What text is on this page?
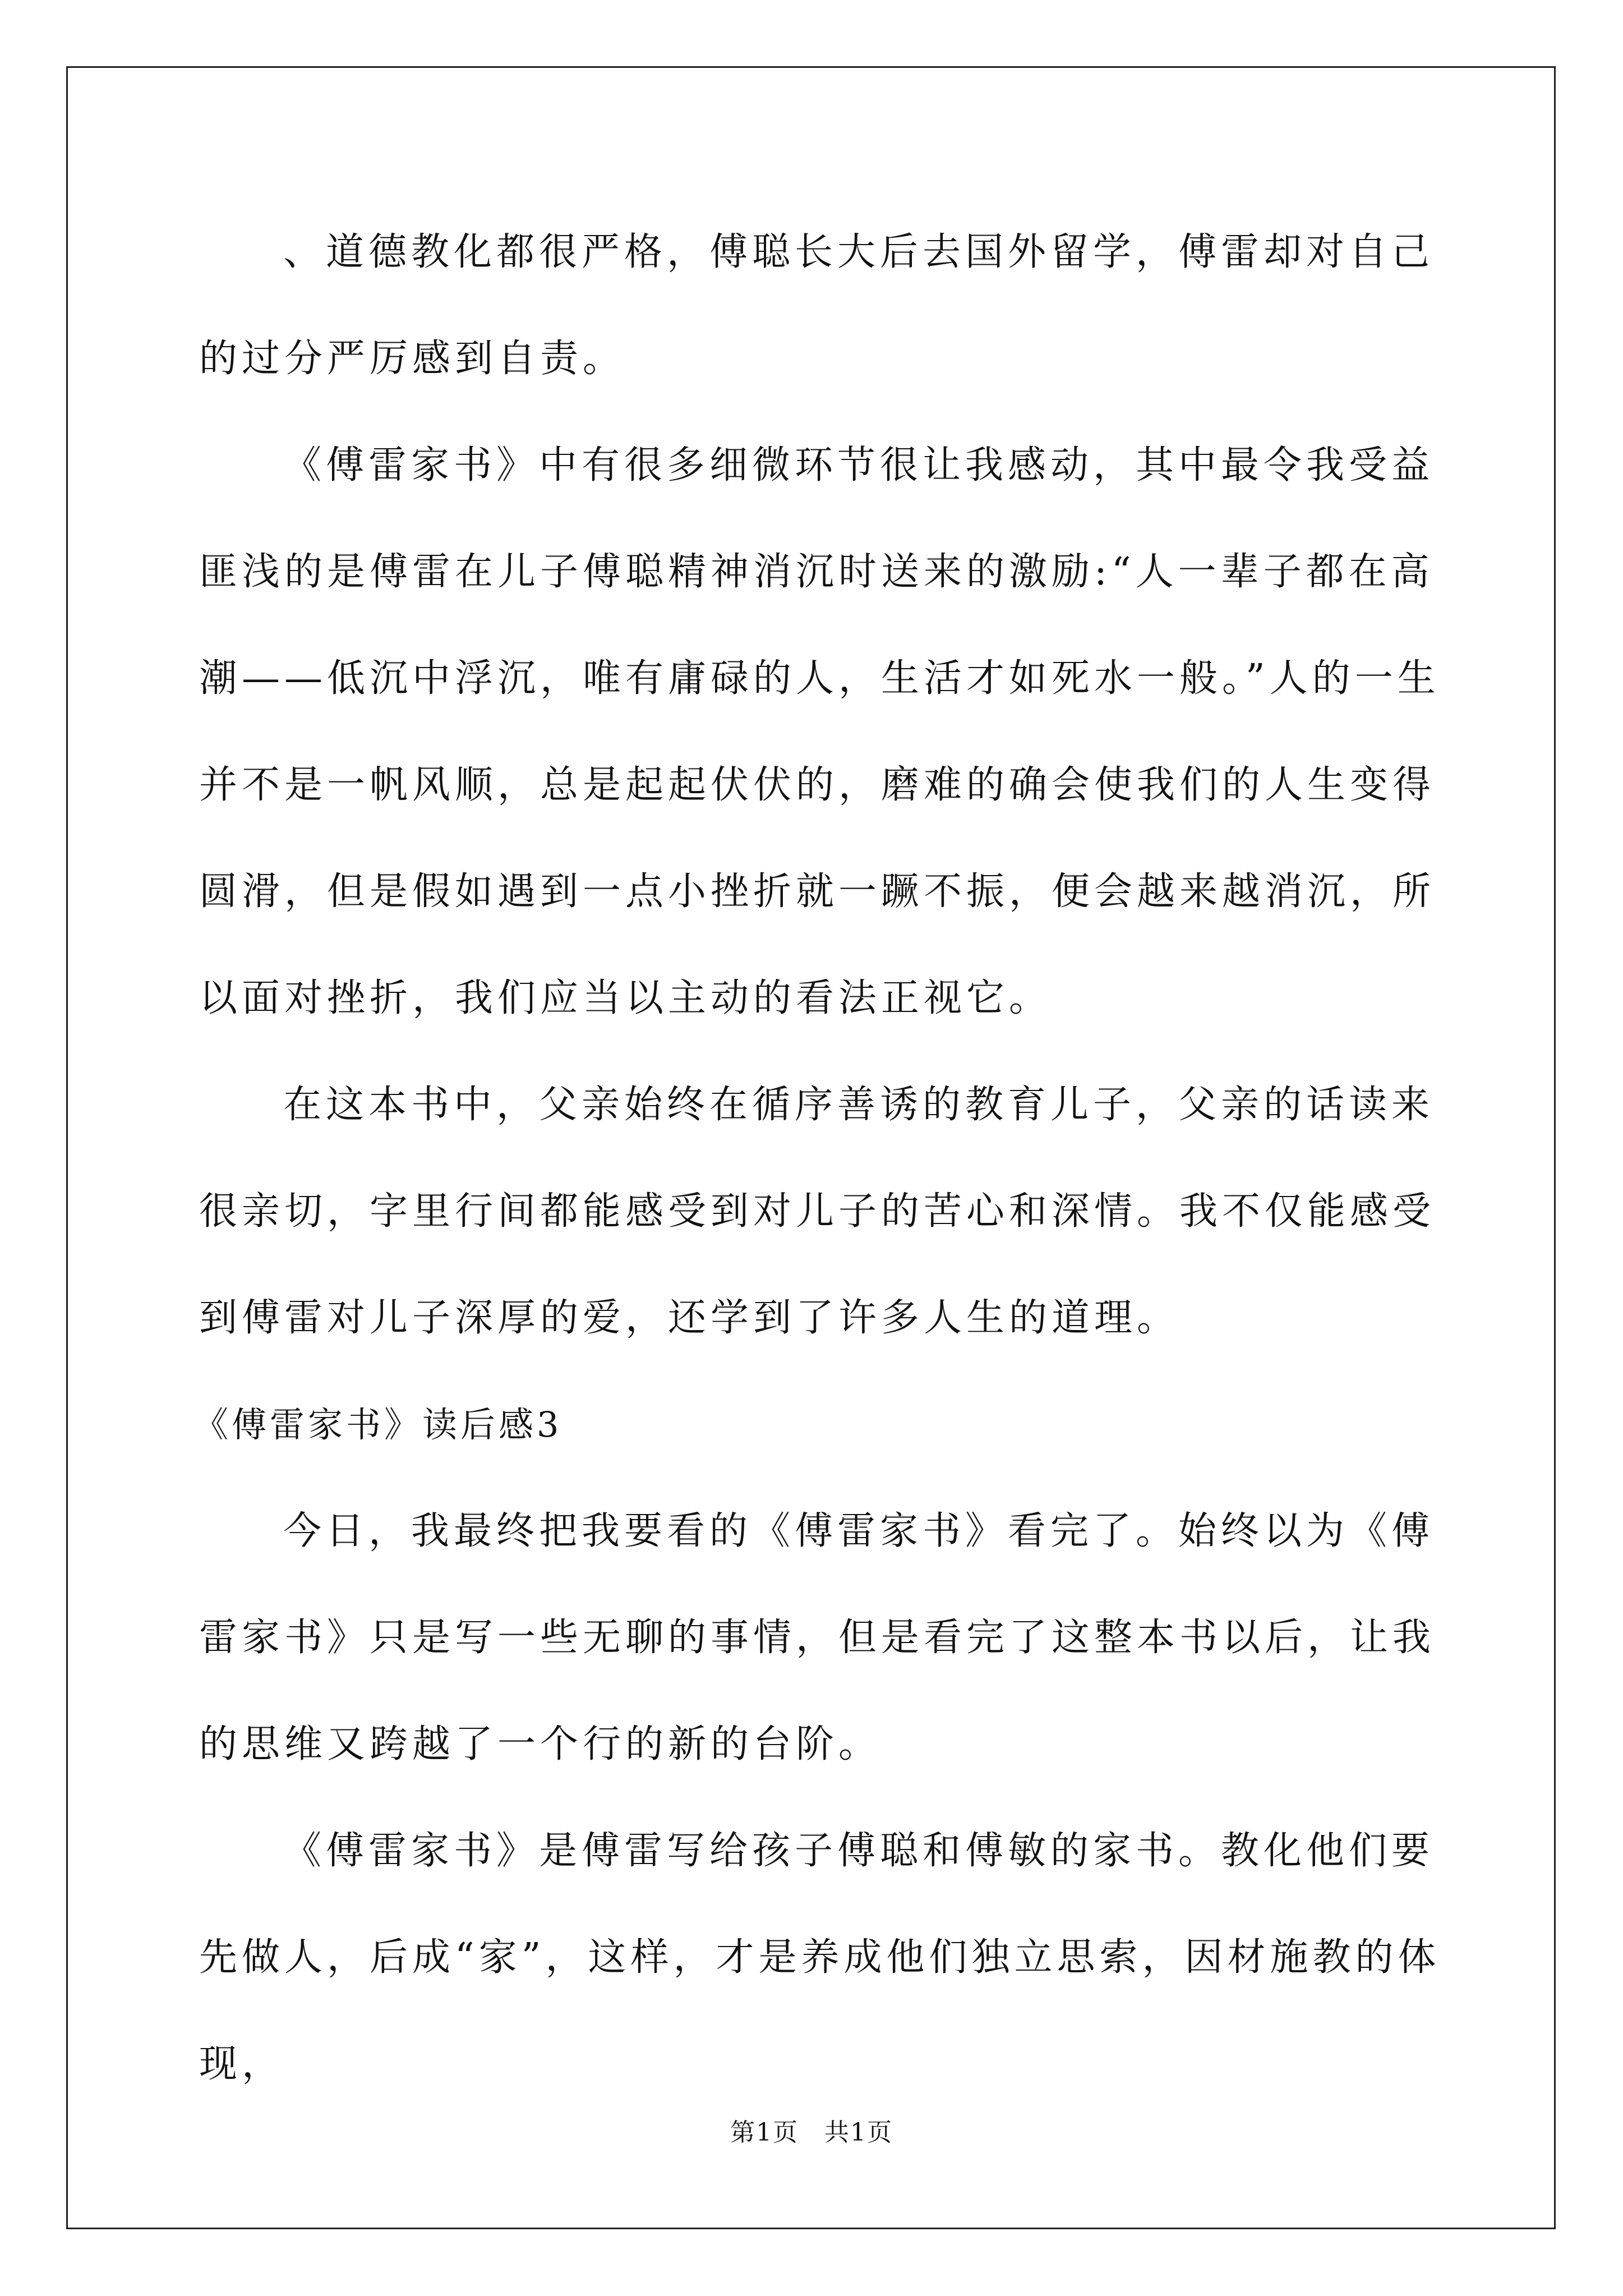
、道德教化都很严格，傅聪长大后去国外留学，傅雷却对自己的过分严厉感到自责。

《傅雷家书》中有很多细微环节很让我感动，其中最令我受益匪浅的是傅雷在儿子傅聪精神消沉时送来的激励:“人一辈子都在高潮——低沉中浮沉，唯有庸碌的人，生活才如死水一般。”人的一生并不是一帆风顺，总是起起伏伏的，磨难的确会使我们的人生变得圆滑，但是假如遇到一点小挫折就一蹶不振，便会越来越消沉，所以面对挫折，我们应当以主动的看法正视它。

在这本书中，父亲始终在循序善诱的教育儿子，父亲的话读来很亲切，字里行间都能感受到对儿子的苦心和深情。我不仅能感受到傅雷对儿子深厚的爱，还学到了许多人生的道理。

《傅雷家书》读后感3

今日，我最终把我要看的《傅雷家书》看完了。始终以为《傅雷家书》只是写一些无聊的事情，但是看完了这整本书以后，让我的思维又跨越了一个行的新的台阶。

《傅雷家书》是傅雷写给孩子傅聪和傅敏的家书。教化他们要先做人，后成“家”，这样，才是养成他们独立思索，因材施教的体现，

第1页　共1页
